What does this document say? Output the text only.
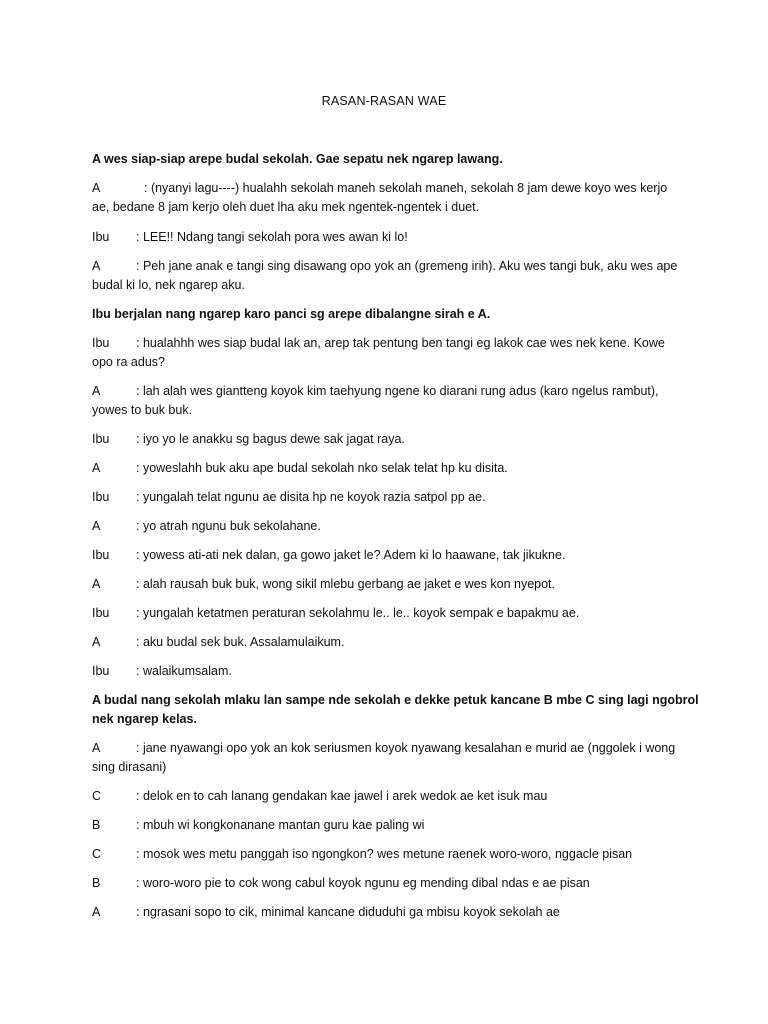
RASAN-RASAN WAE
A wes siap-siap arepe budal sekolah. Gae sepatu nek ngarep lawang.
A	: (nyanyi lagu----) hualahh sekolah maneh sekolah maneh, sekolah 8 jam dewe koyo wes kerjo
ae, bedane 8 jam kerjo oleh duet lha aku mek ngentek-ngentek i duet.
Ibu : LEE!! Ndang tangi sekolah pora wes awan ki lo!
A	: Peh jane anak e tangi sing disawang opo yok an (gremeng irih). Aku wes tangi buk, aku wes ape
budal ki lo, nek ngarep aku.
Ibu berjalan nang ngarep karo panci sg arepe dibalangne sirah e A.
Ibu : hualahhh wes siap budal lak an, arep tak pentung ben tangi eg lakok cae wes nek kene. Kowe
opo ra adus?
A	: lah alah wes giantteng koyok kim taehyung ngene ko diarani rung adus (karo ngelus rambut),
yowes to buk buk.
Ibu : iyo yo le anakku sg bagus dewe sak jagat raya.
A	: yoweslahh buk aku ape budal sekolah nko selak telat hp ku disita.
Ibu : yungalah telat ngunu ae disita hp ne koyok razia satpol pp ae.
A	: yo atrah ngunu buk sekolahane.
Ibu : yowess ati-ati nek dalan, ga gowo jaket le? Adem ki lo haawane, tak jikukne.
A	: alah rausah buk buk, wong sikil mlebu gerbang ae jaket e wes kon nyepot.
Ibu : yungalah ketatmen peraturan sekolahmu le.. le.. koyok sempak e bapakmu ae.
A	: aku budal sek buk. Assalamulaikum.
Ibu : walaikumsalam.
A budal nang sekolah mlaku lan sampe nde sekolah e dekke petuk kancane B mbe C sing lagi ngobrol
nek ngarep kelas.
A	: jane nyawangi opo yok an kok seriusmen koyok nyawang kesalahan e murid ae (nggolek i wong
sing dirasani)
C	: delok en to cah lanang gendakan kae jawel i arek wedok ae ket isuk mau
B	: mbuh wi kongkonanane mantan guru kae paling wi
C	: mosok wes metu panggah iso ngongkon? wes metune raenek woro-woro, nggacle pisan
B	: woro-woro pie to cok wong cabul koyok ngunu eg mending dibal ndas e ae pisan
A	: ngrasani sopo to cik, minimal kancane diduduhi ga mbisu koyok sekolah ae
